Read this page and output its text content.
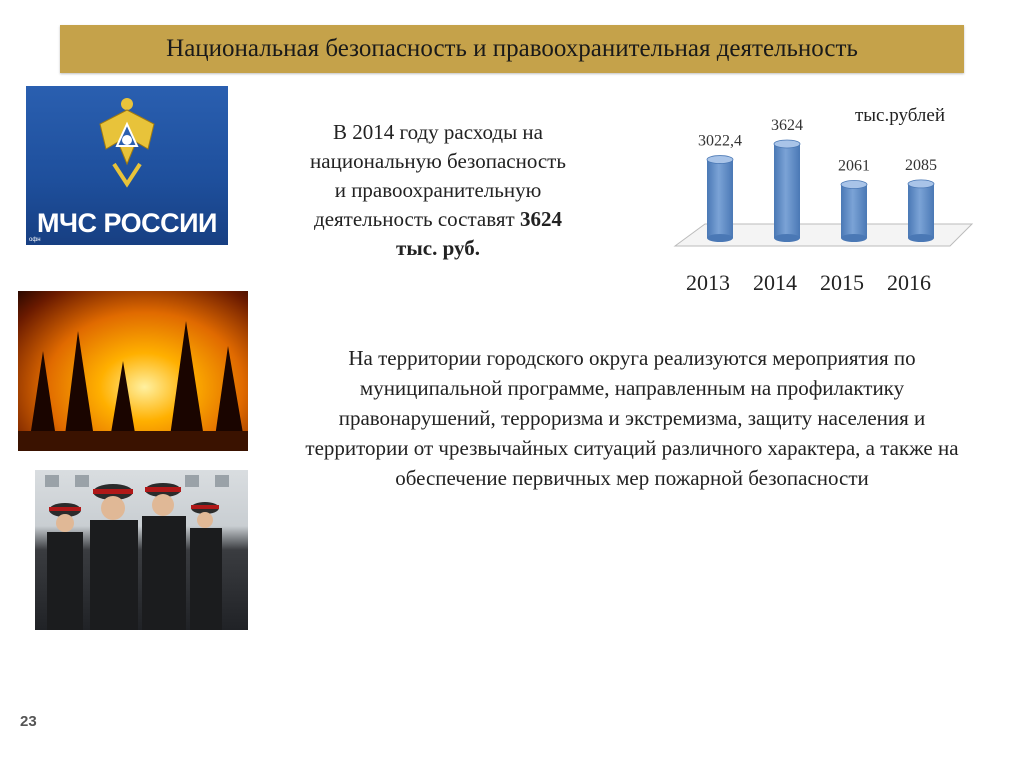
Национальная безопасность и правоохранительная деятельность
МЧС РОССИИ
офн
В 2014 году расходы на
национальную безопасность
и правоохранительную
деятельность составят 3624
тыс. руб.
тыс.рублей
3022,4
2013
3624
2014
2061
2015
2085
2016
На территории городского округа реализуются мероприятия по муниципальной программе, направленным на профилактику правонарушений, терроризма и экстремизма, защиту населения и территории от чрезвычайных ситуаций различного характера, а также на обеспечение первичных мер пожарной безопасности
23
